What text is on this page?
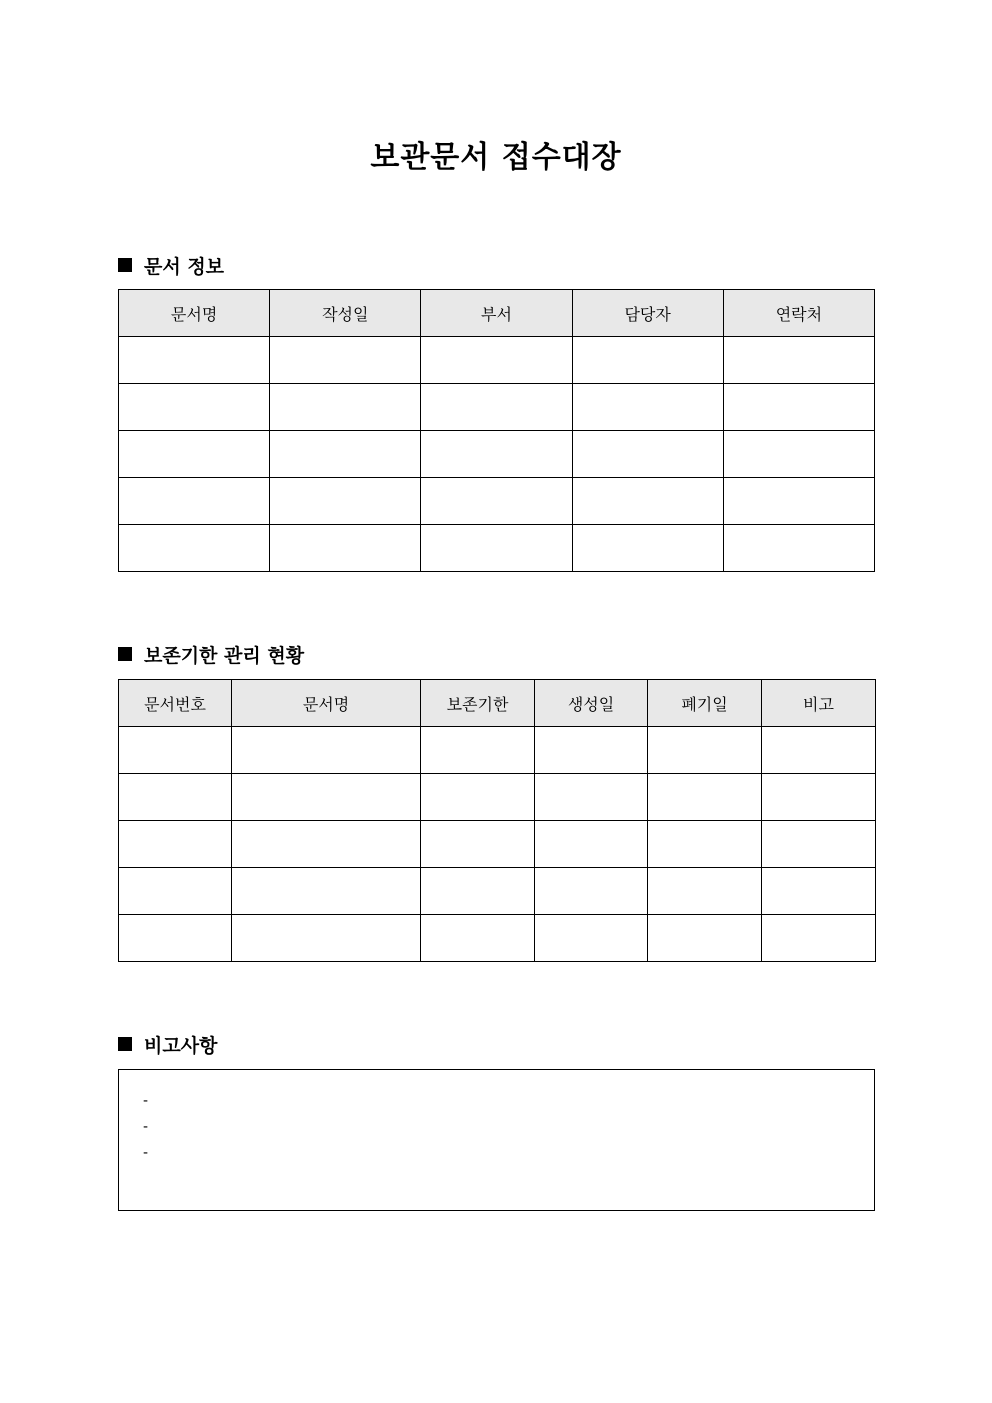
보관문서 접수대장
문서 정보
문서명	작성일	부서	담당자	연락처

보존기한 관리 현황
문서번호	문서명	보존기한	생성일	폐기일	비고

비고사항
-
-
-
